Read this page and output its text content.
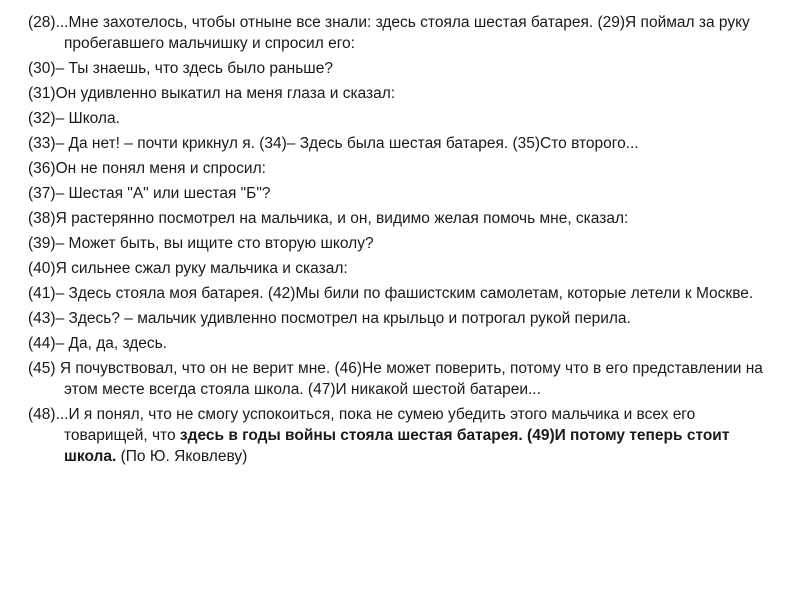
(28)...Мне захотелось, чтобы отныне все знали: здесь стояла шестая батарея. (29)Я поймал за руку пробегавшего мальчишку и спросил его:

(30)– Ты знаешь, что здесь было раньше?

(31)Он удивленно выкатил на меня глаза и сказал:

(32)– Школа.

(33)– Да нет! – почти крикнул я. (34)– Здесь была шестая батарея. (35)Сто второго...

(36)Он не понял меня и спросил:

(37)– Шестая "А" или шестая "Б"?

(38)Я растерянно посмотрел на мальчика, и он, видимо желая помочь мне, сказал:

(39)– Может быть, вы ищите сто вторую школу?

(40)Я сильнее сжал руку мальчика и сказал:

(41)– Здесь стояла моя батарея. (42)Мы били по фашистским самолетам, которые летели к Москве.

(43)– Здесь? – мальчик удивленно посмотрел на крыльцо и потрогал рукой перила.

(44)– Да, да, здесь.

(45) Я почувствовал, что он не верит мне. (46)Не может поверить, потому что в его представлении на этом месте всегда стояла школа. (47)И никакой шестой батареи...

(48)...И я понял, что не смогу успокоиться, пока не сумею убедить этого мальчика и всех его товарищей, что здесь в годы войны стояла шестая батарея. (49)И потому теперь стоит школа. (По Ю. Яковлеву)
